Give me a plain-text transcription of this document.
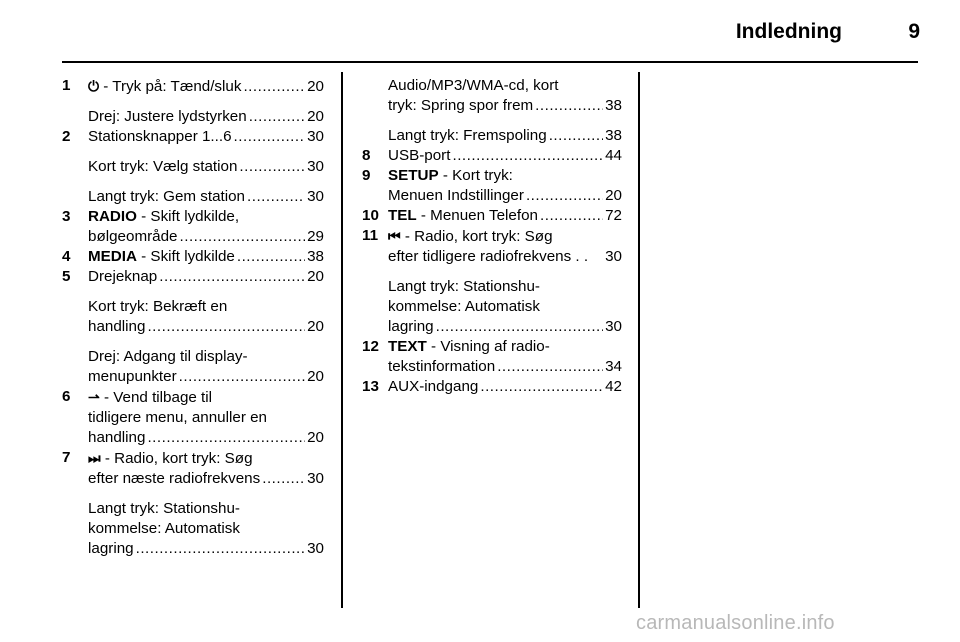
Indledning	9
1 ⏻ - Tryk på: Tænd/sluk .....	20
Drej: Justere lydstyrken .....	20
2 Stationsknapper 1...6 .....	30
Kort tryk: Vælg station .....	30
Langt tryk: Gem station .....	30
3 RADIO - Skift lydkilde,
bølgeområde .....	29
4 MEDIA - Skift lydkilde .....	38
5 Drejeknap .....	20
Kort tryk: Bekræft en
handling .....	20
Drej: Adgang til display-
menupunkter .....	20
6 ⇀ - Vend tilbage til
tidligere menu, annuller en
handling .....	20
7 ⏭ - Radio, kort tryk: Søg
efter næste radiofrekvens .....	30
Langt tryk: Stationshu-
kommelse: Automatisk
lagring .....	30
Audio/MP3/WMA-cd, kort
tryk: Spring spor frem .....	38
Langt tryk: Fremspoling .....	38
8 USB-port .....	44
9 SETUP - Kort tryk:
Menuen Indstillinger .....	20
10 TEL - Menuen Telefon .....	72
11 ⏮ - Radio, kort tryk: Søg
efter tidligere radiofrekvens . . 30
Langt tryk: Stationshu-
kommelse: Automatisk
lagring .....	30
12 TEXT - Visning af radio-
tekstinformation .....	34
13 AUX-indgang .....	42
carmanualsonline.info
